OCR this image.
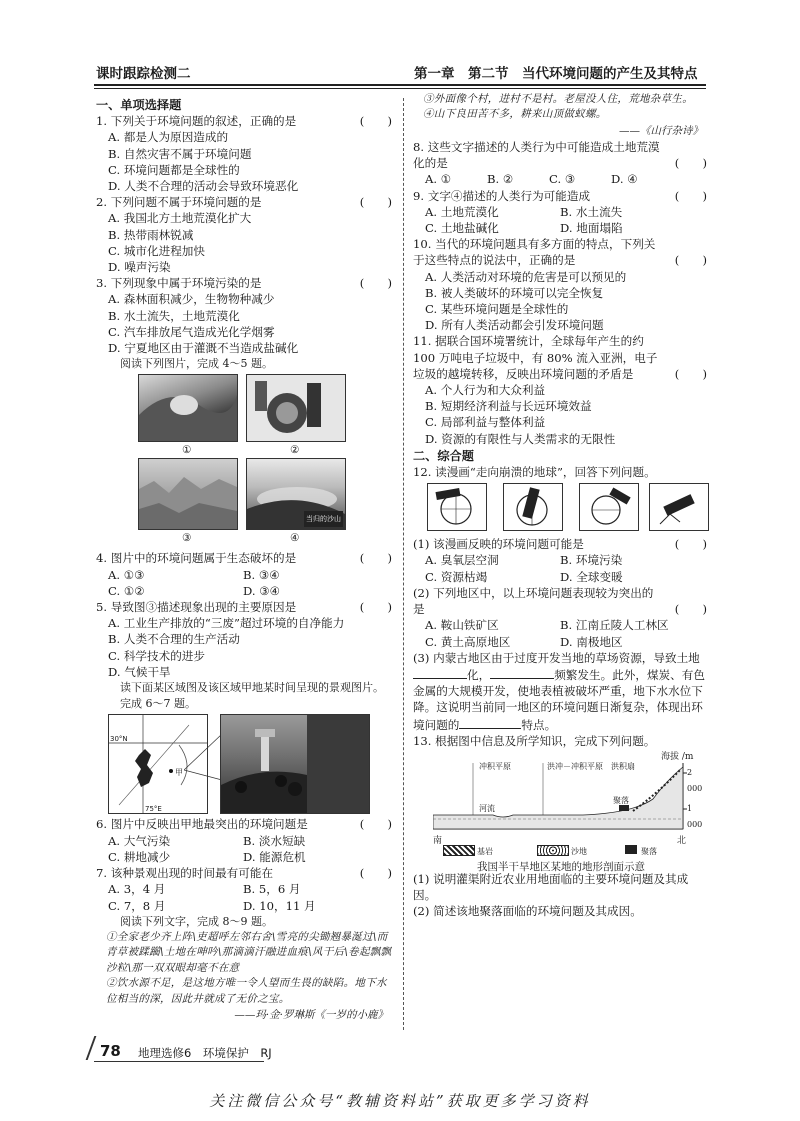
课时跟踪检测二	第一章　第二节　当代环境问题的产生及其特点
一、单项选择题
1. 下列关于环境问题的叙述，正确的是	(　　)
A. 都是人为原因造成的
B. 自然灾害不属于环境问题
C. 环境问题都是全球性的
D. 人类不合理的活动会导致环境恶化
2. 下列问题不属于环境问题的是	(　　)
A. 我国北方土地荒漠化扩大
B. 热带雨林锐减
C. 城市化进程加快
D. 噪声污染
3. 下列现象中属于环境污染的是	(　　)
A. 森林面积减少，生物物种减少
B. 水土流失，土地荒漠化
C. 汽车排放尾气造成光化学烟雾
D. 宁夏地区由于灌溉不当造成盐碱化
阅读下列图片，完成 4～5 题。
①	②
③
当归的沙山
④
4. 图片中的环境问题属于生态破坏的是	(　　)
A. ①③	B. ③④
C. ①②	D. ③④
5. 导致图③描述现象出现的主要原因是	(　　)
A. 工业生产排放的“三废”超过环境的自净能力
B. 人类不合理的生产活动
C. 科学技术的进步
D. 气候干旱
读下面某区域图及该区域甲地某时间呈现的景观图片。完成 6～7 题。
30°N
75°E
甲
6. 图片中反映出甲地最突出的环境问题是	(　　)
A. 大气污染	B. 淡水短缺
C. 耕地减少	D. 能源危机
7. 该种景观出现的时间最有可能在	(　　)
A. 3，4 月	B. 5，6 月
C. 7，8 月	D. 10，11 月
阅读下列文字，完成 8～9 题。
①全家老少齐上阵\吏超呼左邻右舍\雪亮的尖锄翘暴涎过\而青草被蹂躏\土地在呻吟\那滴滴汗融进血痕\风干后\卷起飘飘沙粒\那一双双眼却毫不在意
②饮水源不足，是这地方唯一令人望而生畏的缺陷。地下水位相当的深，因此井就成了无价之宝。
——玛·金·罗琳斯《一岁的小鹿》
③外面像个村，进村不是村。老屋没人住，荒地杂草生。
④山下良田苦不多，耕来山顶做蚁螺。
——《山行杂诗》
8. 这些文字描述的人类行为中可能造成土地荒漠化的是	(　　)
A. ①	B. ②	C. ③	D. ④
9. 文字④描述的人类行为可能造成	(　　)
A. 土地荒漠化	B. 水土流失
C. 土地盐碱化	D. 地面塌陷
10. 当代的环境问题具有多方面的特点，下列关于这些特点的说法中，正确的是	(　　)
A. 人类活动对环境的危害是可以预见的
B. 被人类破坏的环境可以完全恢复
C. 某些环境问题是全球性的
D. 所有人类活动都会引发环境问题
11. 据联合国环境署统计，全球每年产生的约 100 万吨电子垃圾中，有 80% 流入亚洲，电子垃圾的越境转移，反映出环境问题的矛盾是	(　　)
A. 个人行为和大众利益
B. 短期经济利益与长远环境效益
C. 局部利益与整体利益
D. 资源的有限性与人类需求的无限性
二、综合题
12. 读漫画“走向崩溃的地球”，回答下列问题。
(1) 该漫画反映的环境问题可能是	(　　)
A. 臭氧层空洞	B. 环境污染
C. 资源枯竭	D. 全球变暖
(2) 下列地区中，以上环境问题表现较为突出的是	(　　)
A. 鞍山铁矿区	B. 江南丘陵人工林区
C. 黄土高原地区	D. 南极地区
(3) 内蒙古地区由于过度开发当地的草场资源，导致土地化，	频繁发生。此外，煤炭、有色金属的大规模开发，使地表植被破坏严重，地下水水位下降。这说明当前同一地区的环境问题日渐复杂，体现出环境问题的	特点。
13. 根据图中信息及所学知识，完成下列问题。
海拔 /m
2 000
1 000
冲积平原	洪冲－冲积平原　洪积扇
河流
聚落
南	北
基岩	沙地	聚落
我国半干旱地区某地的地形剖面示意
(1) 说明灌渠附近农业用地面临的主要环境问题及其成因。
(2) 简述该地聚落面临的环境问题及其成因。
78 地理选修6　环境保护　RJ
关注微信公众号“教辅资料站”获取更多学习资料
